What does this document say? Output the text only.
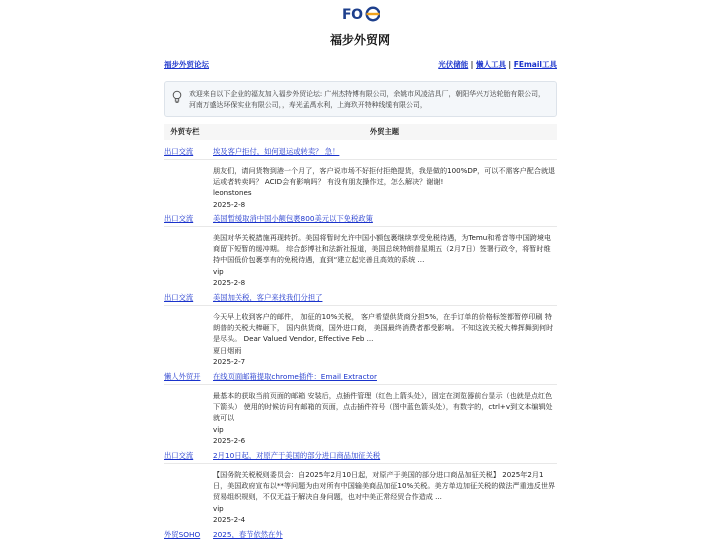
FO
福步外贸网
福步外贸论坛	光伏储能 | 懒人工具 | FEmail工具
欢迎来自以下企业的福友加入福步外贸论坛: 广州杰特博有限公司，余姚市风凌洁具厂，朝阳华兴万达轮胎有限公司，河南万盛达环保实业有限公司，，寿光孟禹水利，上海玖开特种线缆有限公司，
外贸专栏	外贸主题
出口交流	埃及客户拒付，如何退运或转卖？ 急！
朋友们，请问货物到港一个月了，客户说市场不好拒付拒绝提货，我是做的100%DP，可以不需客户配合就退运或者转卖吗？ ACID会有影响吗？ 有没有朋友操作过，怎么解决？谢谢!
leonstones
2025-2-8
出口交流	美国暂缓取消中国小额包裹800美元以下免税政策
美国对华关税措施再现转折。美国将暂时允许中国小额包裹继续享受免税待遇，为Temu和希音等中国跨境电商留下短暂的缓冲期。 综合彭博社和法新社报道，美国总统特朗普星期五（2月7日）签署行政令，将暂时维持中国低价包裹享有的免税待遇，直到“建立起完善且高效的系统 ...
vip
2025-2-8
出口交流	美国加关税，客户来找我们分担了
今天早上收到客户的邮件， 加征的10%关税， 客户希望供货商分担5%，在手订单的价格标签都暂停印刷 特朗普的关税大棒砸下， 国内供货商，国外进口商， 美国最终消费者都受影响。 不知这波关税大棒挥舞到何时是尽头。 Dear Valued Vendor, Effective Feb ...
夏日烟雨
2025-2-7
懒人外贸开 在线页面邮箱提取chrome插件：Email Extractor
最基本的获取当前页面的邮箱 安装后，点插件管理（红色上箭头处），固定在浏览器前台显示（也就是点红色下箭头） 使用的时候访问有邮箱的页面，点击插件符号（图中蓝色箭头处），有数字的，ctrl+v到文本编辑处就可以
vip
2025-2-6
出口交流	2月10日起，对原产于美国的部分进口商品加征关税
【国务院关税税则委员会：自2025年2月10日起，对原产于美国的部分进口商品加征关税】 2025年2月1日，美国政府宣布以**等问题为由对所有中国输美商品加征10%关税。美方单边加征关税的做法严重违反世界贸易组织规则，不仅无益于解决自身问题，也对中美正常经贸合作造成 ...
vip
2025-2-4
外贸SOHO 2025，春节依然在外
